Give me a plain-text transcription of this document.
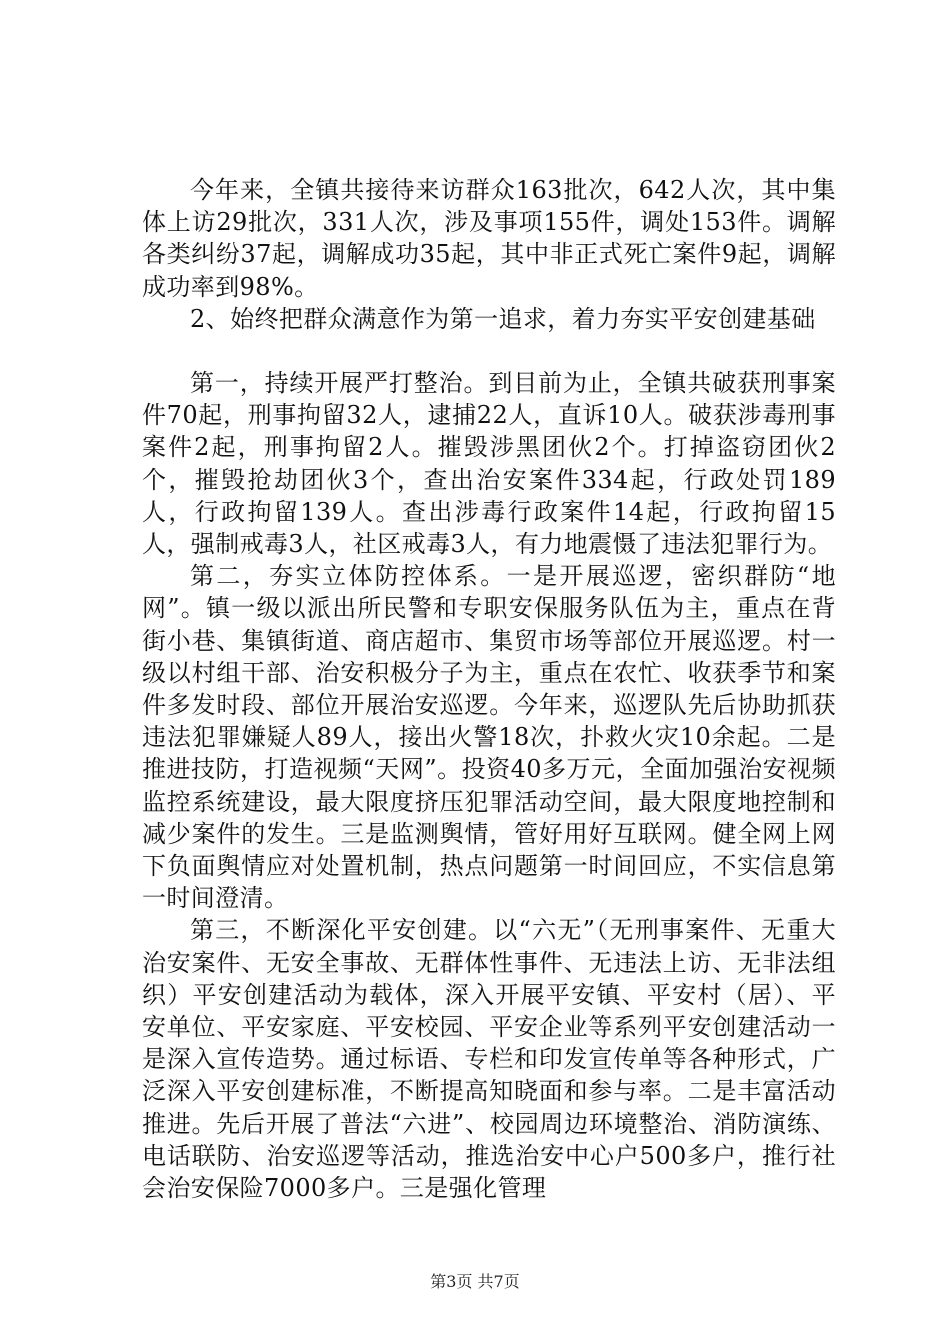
今年来，全镇共接待来访群众163批次，642人次，其中集体上访29批次，331人次，涉及事项155件，调处153件。调解各类纠纷37起，调解成功35起，其中非正式死亡案件9起，调解成功率到98%。

2、始终把群众满意作为第一追求，着力夯实平安创建基础

第一，持续开展严打整治。到目前为止，全镇共破获刑事案件70起，刑事拘留32人，逮捕22人，直诉10人。破获涉毒刑事案件2起，刑事拘留2人。摧毁涉黑团伙2个。打掉盗窃团伙2个，摧毁抢劫团伙3个，查出治安案件334起，行政处罚189人，行政拘留139人。查出涉毒行政案件14起，行政拘留15人，强制戒毒3人，社区戒毒3人，有力地震慑了违法犯罪行为。

第二，夯实立体防控体系。一是开展巡逻，密织群防“地网”。镇一级以派出所民警和专职安保服务队伍为主，重点在背街小巷、集镇街道、商店超市、集贸市场等部位开展巡逻。村一级以村组干部、治安积极分子为主，重点在农忙、收获季节和案件多发时段、部位开展治安巡逻。今年来，巡逻队先后协助抓获违法犯罪嫌疑人89人，接出火警18次，扑救火灾10余起。二是推进技防，打造视频“天网”。投资40多万元，全面加强治安视频监控系统建设，最大限度挤压犯罪活动空间，最大限度地控制和减少案件的发生。三是监测舆情，管好用好互联网。健全网上网下负面舆情应对处置机制，热点问题第一时间回应，不实信息第一时间澄清。

第三，不断深化平安创建。以“六无”（无刑事案件、无重大治安案件、无安全事故、无群体性事件、无违法上访、无非法组织）平安创建活动为载体，深入开展平安镇、平安村（居）、平安单位、平安家庭、平安校园、平安企业等系列平安创建活动一是深入宣传造势。通过标语、专栏和印发宣传单等各种形式，广泛深入平安创建标准，不断提高知晓面和参与率。二是丰富活动推进。先后开展了普法“六进”、校园周边环境整治、消防演练、电话联防、治安巡逻等活动，推选治安中心户500多户，推行社会治安保险7000多户。三是强化管理

第3页 共7页
